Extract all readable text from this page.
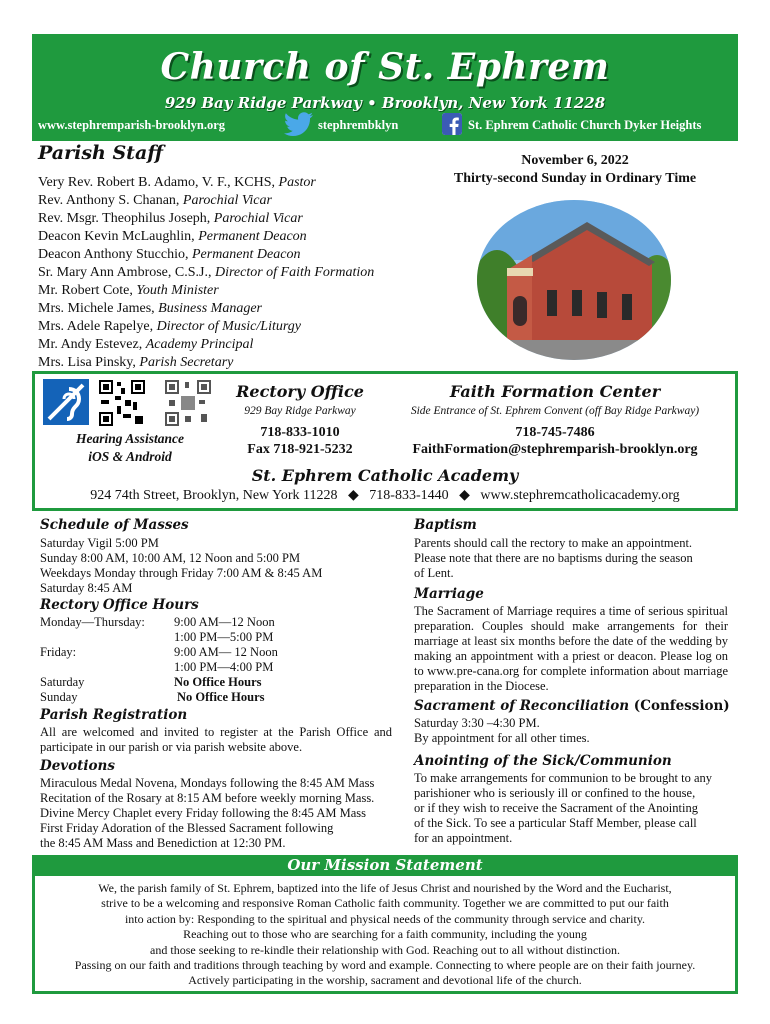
Church of St. Ephrem
929 Bay Ridge Parkway • Brooklyn, New York 11228
www.stephremparish-brooklyn.org	stephrembklyn	St. Ephrem Catholic Church Dyker Heights
Parish Staff
Very Rev. Robert B. Adamo, V. F., KCHS, Pastor
Rev. Anthony S. Chanan, Parochial Vicar
Rev. Msgr. Theophilus Joseph, Parochial Vicar
Deacon Kevin McLaughlin, Permanent Deacon
Deacon Anthony Stucchio, Permanent Deacon
Sr. Mary Ann Ambrose, C.S.J., Director of Faith Formation
Mr. Robert Cote, Youth Minister
Mrs. Michele James, Business Manager
Mrs. Adele Rapelye, Director of Music/Liturgy
Mr. Andy Estevez, Academy Principal
Mrs. Lisa Pinsky, Parish Secretary
November 6, 2022
Thirty-second Sunday in Ordinary Time
Hearing Assistance
iOS & Android
Rectory Office
929 Bay Ridge Parkway
718-833-1010
Fax 718-921-5232
Faith Formation Center
Side Entrance of St. Ephrem Convent (off Bay Ridge Parkway)
718-745-7486
FaithFormation@stephremparish-brooklyn.org
St. Ephrem Catholic Academy
924 74th Street, Brooklyn, New York 11228   ◆   718-833-1440   ◆   www.stephremcatholicacademy.org
Schedule of Masses
Saturday Vigil 5:00 PM
Sunday 8:00 AM, 10:00 AM, 12 Noon and 5:00 PM
Weekdays Monday through Friday 7:00 AM & 8:45 AM
Saturday 8:45 AM
Rectory Office Hours
Monday—Thursday: 9:00 AM—12 Noon
1:00 PM—5:00 PM
Friday:	9:00 AM— 12 Noon
1:00 PM—4:00 PM
Saturday	No Office Hours
Sunday	No Office Hours
Parish Registration
All are welcomed and invited to register at the Parish Office and participate in our parish or via parish website above.
Devotions
Miraculous Medal Novena, Mondays following the 8:45 AM Mass
Recitation of the Rosary at 8:15 AM before weekly morning Mass.
Divine Mercy Chaplet every Friday following the 8:45 AM Mass
First Friday Adoration of the Blessed Sacrament following
the 8:45 AM Mass and Benediction at 12:30 PM.
Baptism
Parents should call the rectory to make an appointment.
Please note that there are no baptisms during the season
of Lent.
Marriage
The Sacrament of Marriage requires a time of serious spiritual preparation. Couples should make arrangements for their marriage at least six months before the date of the wedding by making an appointment with a priest or deacon. Please log on to www.pre-cana.org for complete information about marriage preparation in the Diocese.
Sacrament of Reconciliation (Confession)
Saturday 3:30 –4:30 PM.
By appointment for all other times.
Anointing of the Sick/Communion
To make arrangements for communion to be brought to any
parishioner who is seriously ill or confined to the house,
or if they wish to receive the Sacrament of the Anointing
of the Sick. To see a particular Staff Member, please call
for an appointment.
Our Mission Statement
We, the parish family of St. Ephrem, baptized into the life of Jesus Christ and nourished by the Word and the Eucharist,
strive to be a welcoming and responsive Roman Catholic faith community. Together we are committed to put our faith
into action by: Responding to the spiritual and physical needs of the community through service and charity.
Reaching out to those who are searching for a faith community, including the young
and those seeking to re-kindle their relationship with God. Reaching out to all without distinction.
Passing on our faith and traditions through teaching by word and example. Connecting to where people are on their faith journey.
Actively participating in the worship, sacrament and devotional life of the church.
